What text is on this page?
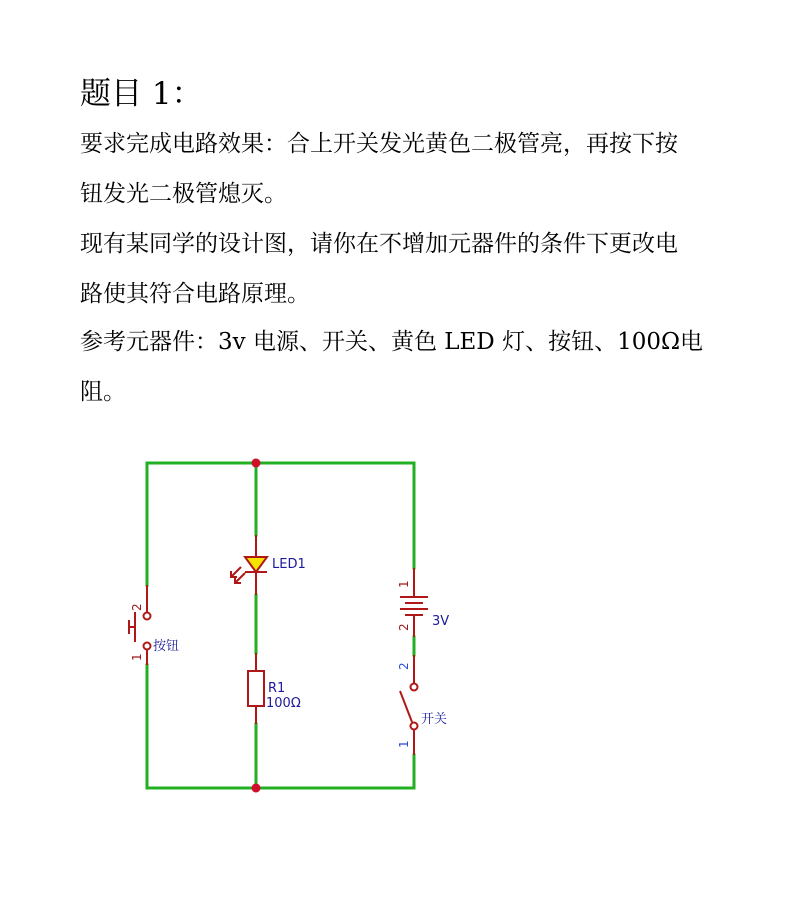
题目 1：
要求完成电路效果：合上开关发光黄色二极管亮，再按下按
钮发光二极管熄灭。
现有某同学的设计图，请你在不增加元器件的条件下更改电
路使其符合电路原理。
参考元器件：3v 电源、开关、黄色 LED 灯、按钮、100Ω电
阻。
LED1
R1
100Ω
1
2 3V
2
1
开关
2
1
按钮
